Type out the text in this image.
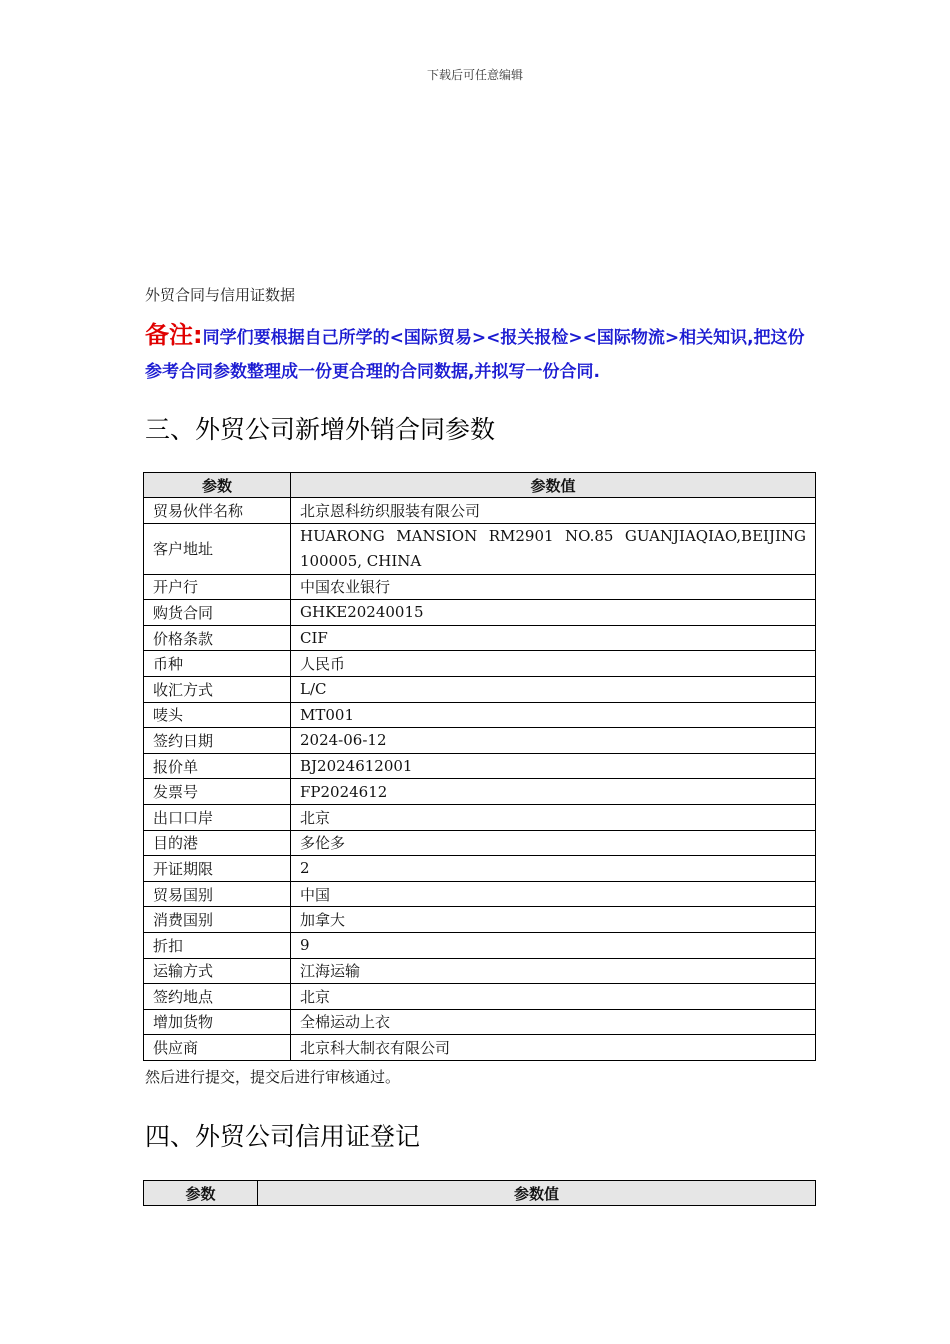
下载后可任意编辑
外贸合同与信用证数据
备注:同学们要根据自己所学的<国际贸易><报关报检><国际物流>相关知识,把这份参考合同参数整理成一份更合理的合同数据,并拟写一份合同.
三、外贸公司新增外销合同参数
参数	参数值
贸易伙伴名称	北京恩科纺织服装有限公司
客户地址	HUARONG MANSION RM2901 NO.85 GUANJIAQIAO,BEIJING 100005, CHINA
开户行	中国农业银行
购货合同	GHKE20240015
价格条款	CIF
币种	人民币
收汇方式	L/C
唛头	MT001
签约日期	2024-06-12
报价单	BJ2024612001
发票号	FP2024612
出口口岸	北京
目的港	多伦多
开证期限	2
贸易国别	中国
消费国别	加拿大
折扣	9
运输方式	江海运输
签约地点	北京
增加货物	全棉运动上衣
供应商	北京科大制衣有限公司
然后进行提交，提交后进行审核通过。
四、外贸公司信用证登记
参数	参数值
